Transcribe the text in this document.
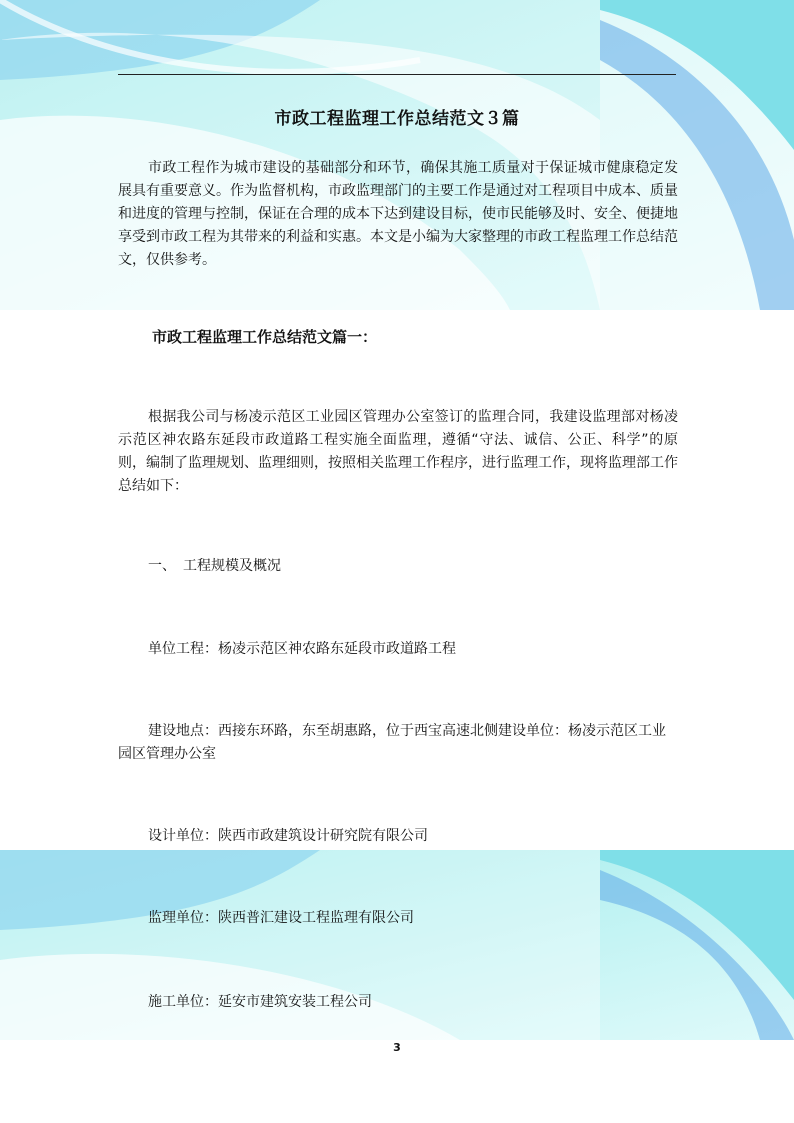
市政工程监理工作总结范文３篇

市政工程作为城市建设的基础部分和环节，确保其施工质量对于保证城市健康稳定发展具有重要意义。作为监督机构，市政监理部门的主要工作是通过对工程项目中成本、质量和进度的管理与控制，保证在合理的成本下达到建设目标，使市民能够及时、安全、便捷地享受到市政工程为其带来的利益和实惠。本文是小编为大家整理的市政工程监理工作总结范文，仅供参考。

市政工程监理工作总结范文篇一：

根据我公司与杨凌示范区工业园区管理办公室签订的监理合同，我建设监理部对杨凌示范区神农路东延段市政道路工程实施全面监理，遵循“守法、诚信、公正、科学”的原则，编制了监理规划、监理细则，按照相关监理工作程序，进行监理工作，现将监理部工作总结如下：

一、　工程规模及概况
单位工程：杨凌示范区神农路东延段市政道路工程
建设地点：西接东环路，东至胡惠路，位于西宝高速北侧建设单位：杨凌示范区工业园区管理办公室
设计单位：陕西市政建筑设计研究院有限公司
监理单位：陕西普汇建设工程监理有限公司
施工单位：延安市建筑安装工程公司
3
